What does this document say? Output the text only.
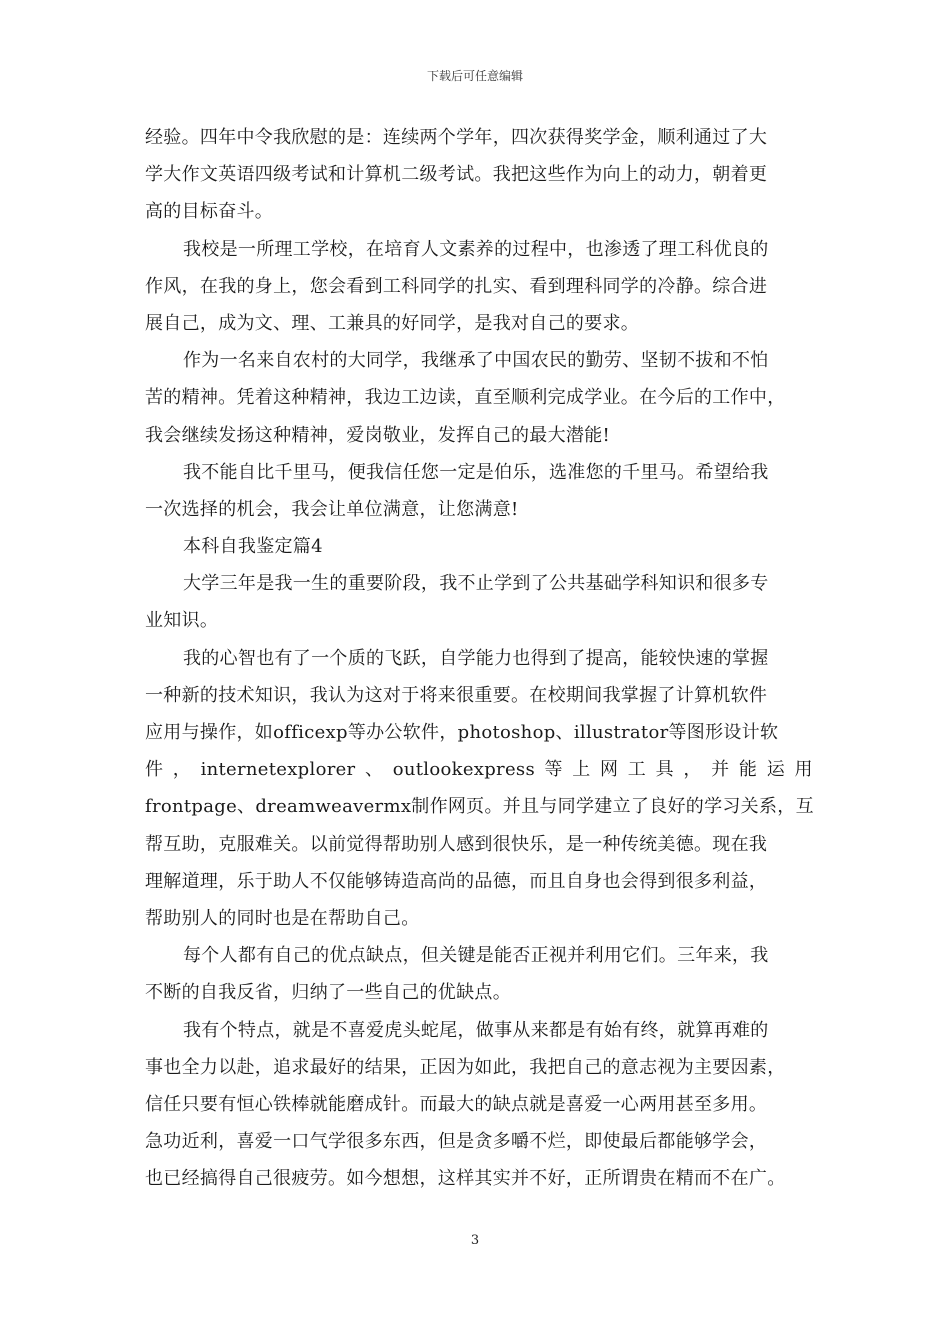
下载后可任意编辑
经验。四年中令我欣慰的是：连续两个学年，四次获得奖学金，顺利通过了大
学大作文英语四级考试和计算机二级考试。我把这些作为向上的动力，朝着更
高的目标奋斗。
我校是一所理工学校，在培育人文素养的过程中，也渗透了理工科优良的
作风，在我的身上，您会看到工科同学的扎实、看到理科同学的冷静。综合进
展自己，成为文、理、工兼具的好同学，是我对自己的要求。
作为一名来自农村的大同学，我继承了中国农民的勤劳、坚韧不拔和不怕
苦的精神。凭着这种精神，我边工边读，直至顺利完成学业。在今后的工作中，
我会继续发扬这种精神，爱岗敬业，发挥自己的最大潜能!
我不能自比千里马，便我信任您一定是伯乐，选准您的千里马。希望给我
一次选择的机会，我会让单位满意，让您满意!
本科自我鉴定篇4
大学三年是我一生的重要阶段，我不止学到了公共基础学科知识和很多专
业知识。
我的心智也有了一个质的飞跃，自学能力也得到了提高，能较快速的掌握
一种新的技术知识，我认为这对于将来很重要。在校期间我掌握了计算机软件
应用与操作，如officexp等办公软件，photoshop、illustrator等图形设计软
件 ， internetexplorer 、 outlookexpress 等 上 网 工 具 ， 并 能 运 用
frontpage、dreamweavermx制作网页。并且与同学建立了良好的学习关系，互
帮互助，克服难关。以前觉得帮助别人感到很快乐，是一种传统美德。现在我
理解道理，乐于助人不仅能够铸造高尚的品德，而且自身也会得到很多利益，
帮助别人的同时也是在帮助自己。
每个人都有自己的优点缺点，但关键是能否正视并利用它们。三年来，我
不断的自我反省，归纳了一些自己的优缺点。
我有个特点，就是不喜爱虎头蛇尾，做事从来都是有始有终，就算再难的
事也全力以赴，追求最好的结果，正因为如此，我把自己的意志视为主要因素，
信任只要有恒心铁棒就能磨成针。而最大的缺点就是喜爱一心两用甚至多用。
急功近利，喜爱一口气学很多东西，但是贪多嚼不烂，即使最后都能够学会，
也已经搞得自己很疲劳。如今想想，这样其实并不好，正所谓贵在精而不在广。
3
